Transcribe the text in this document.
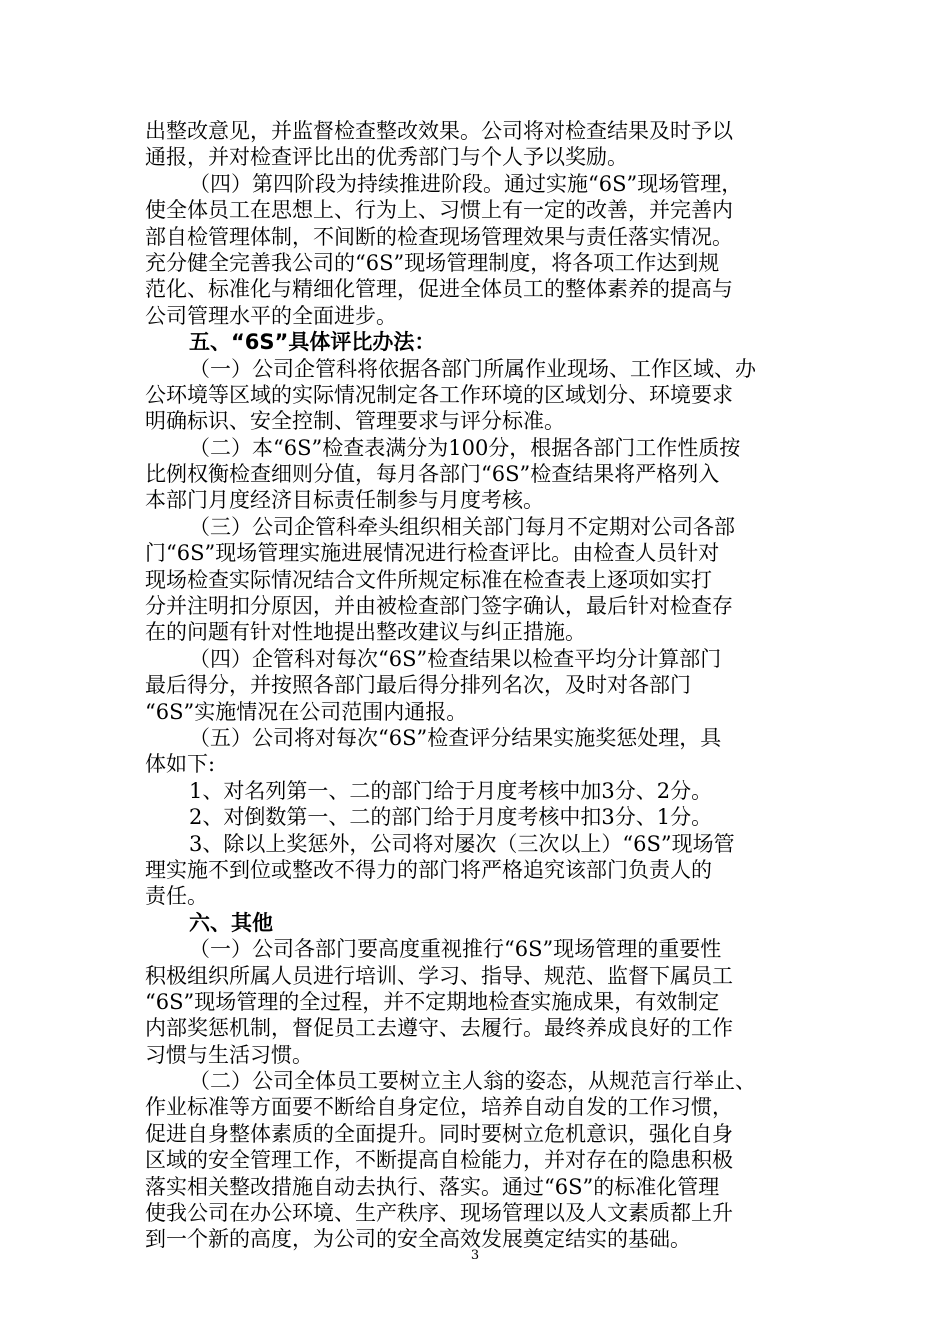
出整改意见，并监督检查整改效果。公司将对检查结果及时予以
通报，并对检查评比出的优秀部门与个人予以奖励。
（四）第四阶段为持续推进阶段。通过实施“6S”现场管理，
使全体员工在思想上、行为上、习惯上有一定的改善，并完善内
部自检管理体制，不间断的检查现场管理效果与责任落实情况。
充分健全完善我公司的“6S”现场管理制度，将各项工作达到规
范化、标准化与精细化管理，促进全体员工的整体素养的提高与
公司管理水平的全面进步。
五、“6S”具体评比办法：
（一）公司企管科将依据各部门所属作业现场、工作区域、办
公环境等区域的实际情况制定各工作环境的区域划分、环境要求
明确标识、安全控制、管理要求与评分标准。
（二）本“6S”检查表满分为100分，根据各部门工作性质按
比例权衡检查细则分值，每月各部门“6S”检查结果将严格列入
本部门月度经济目标责任制参与月度考核。
（三）公司企管科牵头组织相关部门每月不定期对公司各部
门“6S”现场管理实施进展情况进行检查评比。由检查人员针对
现场检查实际情况结合文件所规定标准在检查表上逐项如实打
分并注明扣分原因，并由被检查部门签字确认，最后针对检查存
在的问题有针对性地提出整改建议与纠正措施。
（四）企管科对每次“6S”检查结果以检查平均分计算部门
最后得分，并按照各部门最后得分排列名次，及时对各部门
“6S”实施情况在公司范围内通报。
（五）公司将对每次“6S”检查评分结果实施奖惩处理，具
体如下:
1、对名列第一、二的部门给于月度考核中加3分、2分。
2、对倒数第一、二的部门给于月度考核中扣3分、1分。
3、除以上奖惩外，公司将对屡次（三次以上）“6S”现场管
理实施不到位或整改不得力的部门将严格追究该部门负责人的
责任。
六、其他
（一）公司各部门要高度重视推行“6S”现场管理的重要性
积极组织所属人员进行培训、学习、指导、规范、监督下属员工
“6S”现场管理的全过程，并不定期地检查实施成果，有效制定
内部奖惩机制，督促员工去遵守、去履行。最终养成良好的工作
习惯与生活习惯。
（二）公司全体员工要树立主人翁的姿态，从规范言行举止、
作业标准等方面要不断给自身定位，培养自动自发的工作习惯，
促进自身整体素质的全面提升。同时要树立危机意识，强化自身
区域的安全管理工作，不断提高自检能力，并对存在的隐患积极
落实相关整改措施自动去执行、落实。通过“6S”的标准化管理
使我公司在办公环境、生产秩序、现场管理以及人文素质都上升
到一个新的高度，为公司的安全高效发展奠定结实的基础。
3
